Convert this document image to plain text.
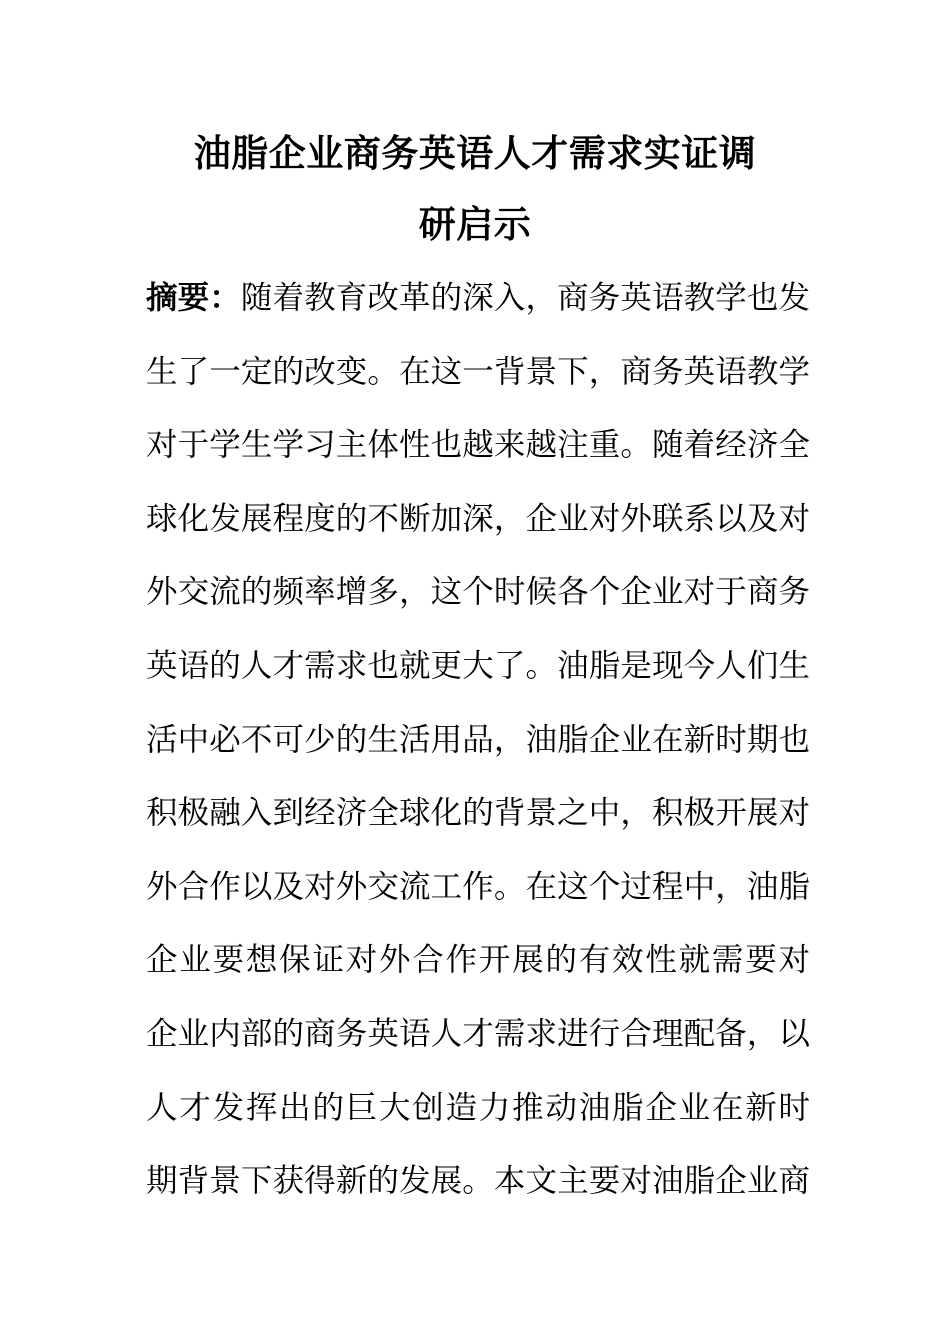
油脂企业商务英语人才需求实证调
研启示

摘要：随着教育改革的深入，商务英语教学也发

生了一定的改变。在这一背景下，商务英语教学

对于学生学习主体性也越来越注重。随着经济全

球化发展程度的不断加深，企业对外联系以及对

外交流的频率增多，这个时候各个企业对于商务

英语的人才需求也就更大了。油脂是现今人们生

活中必不可少的生活用品，油脂企业在新时期也

积极融入到经济全球化的背景之中，积极开展对

外合作以及对外交流工作。在这个过程中，油脂

企业要想保证对外合作开展的有效性就需要对

企业内部的商务英语人才需求进行合理配备，以

人才发挥出的巨大创造力推动油脂企业在新时

期背景下获得新的发展。本文主要对油脂企业商
